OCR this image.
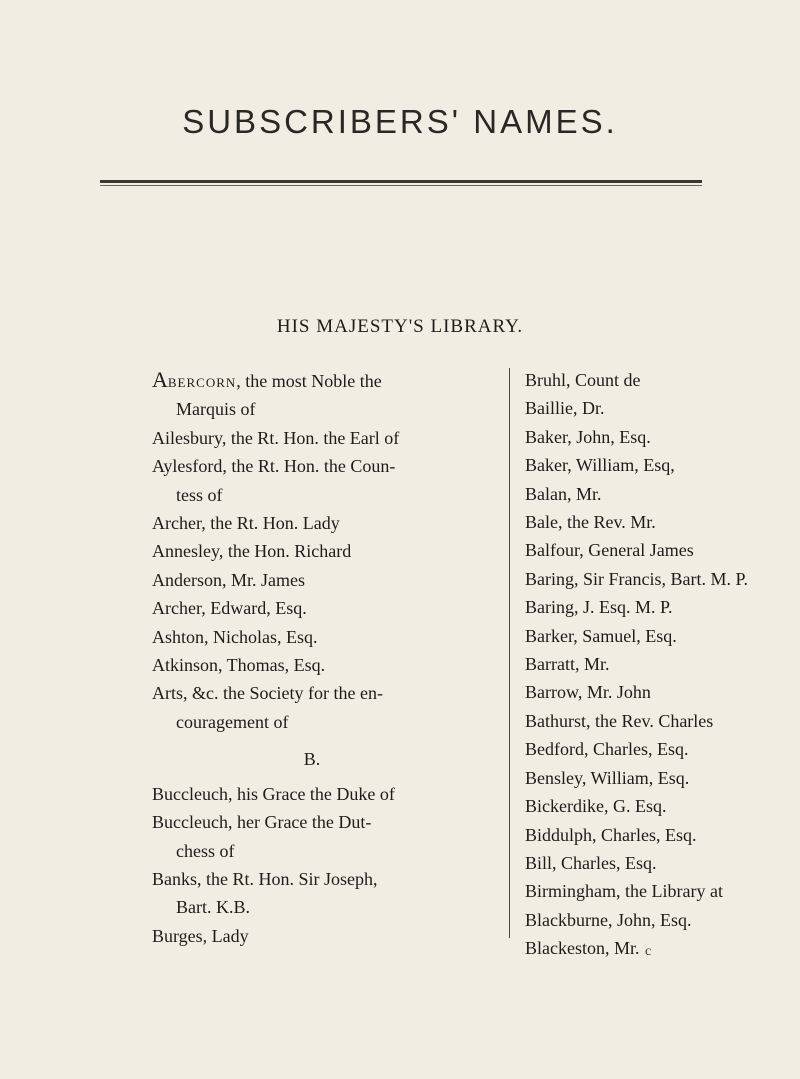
SUBSCRIBERS' NAMES.
HIS MAJESTY'S LIBRARY.
Abercorn, the most Noble the
Marquis of
Ailesbury, the Rt. Hon. the Earl of
Aylesford, the Rt. Hon. the Coun-
tess of
Archer, the Rt. Hon. Lady
Annesley, the Hon. Richard
Anderson, Mr. James
Archer, Edward, Esq.
Ashton, Nicholas, Esq.
Atkinson, Thomas, Esq.
Arts, &c. the Society for the en-
couragement of
B.
Buccleuch, his Grace the Duke of
Buccleuch, her Grace the Dut-
chess of
Banks, the Rt. Hon. Sir Joseph,
Bart. K.B.
Burges, Lady
Bruhl, Count de
Baillie, Dr.
Baker, John, Esq.
Baker, William, Esq,
Balan, Mr.
Bale, the Rev. Mr.
Balfour, General James
Baring, Sir Francis, Bart. M. P.
Baring, J. Esq. M. P.
Barker, Samuel, Esq.
Barratt, Mr.
Barrow, Mr. John
Bathurst, the Rev. Charles
Bedford, Charles, Esq.
Bensley, William, Esq.
Bickerdike, G. Esq.
Biddulph, Charles, Esq.
Bill, Charles, Esq.
Birmingham, the Library at
Blackburne, John, Esq.
Blackeston, Mr. c
